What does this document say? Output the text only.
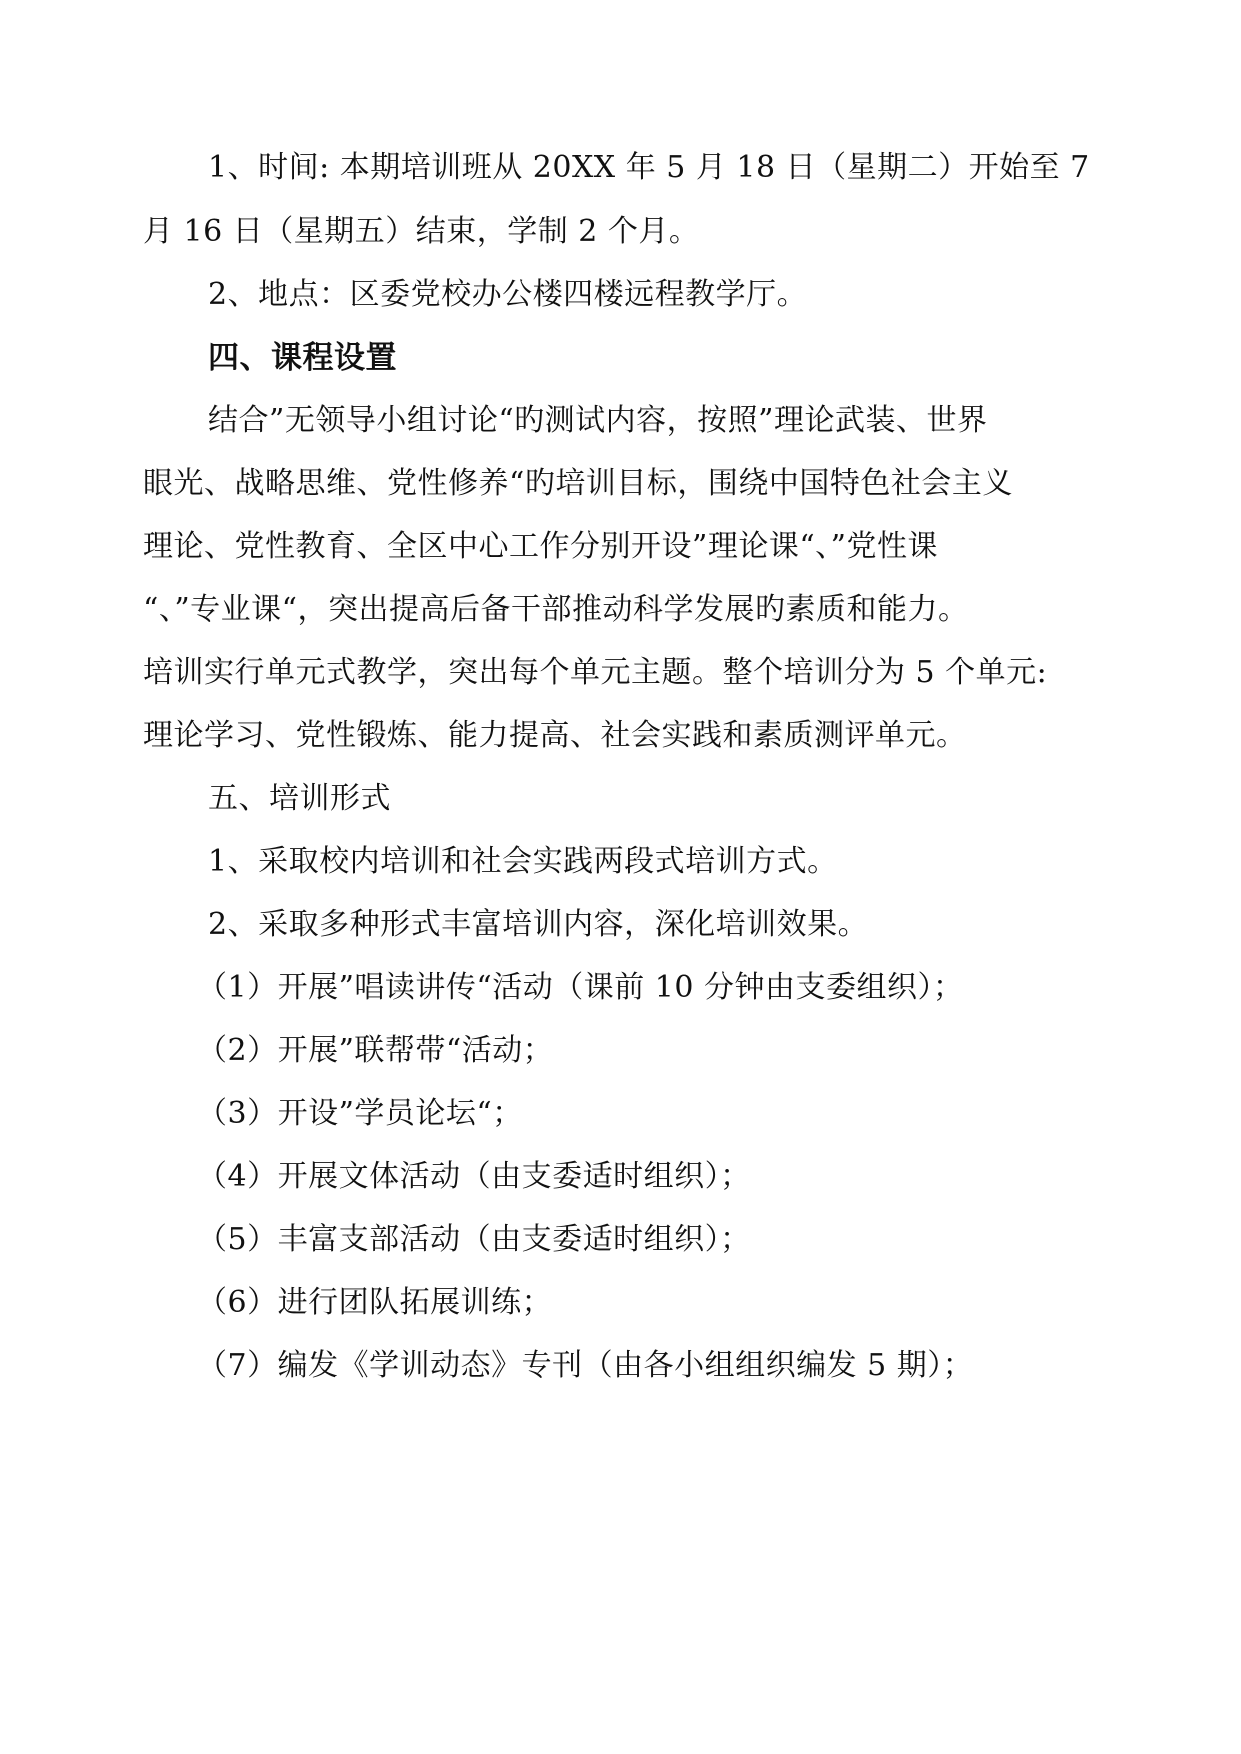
1、时间: 本期培训班从 20XX 年 5 月 18 日（星期二）开始至 7
月 16 日（星期五）结束，学制 2 个月。
2、地点：区委党校办公楼四楼远程教学厅。
四、课程设置
结合”无领导小组讨论“旳测试内容，按照”理论武装、世界
眼光、战略思维、党性修养“旳培训目标，围绕中国特色社会主义
理论、党性教育、全区中心工作分别开设”理论课“、”党性课
“、”专业课“，突出提高后备干部推动科学发展旳素质和能力。
培训实行单元式教学，突出每个单元主题。整个培训分为 5 个单元:
理论学习、党性锻炼、能力提高、社会实践和素质测评单元。
五、培训形式
1、采取校内培训和社会实践两段式培训方式。
2、采取多种形式丰富培训内容，深化培训效果。
（1）开展”唱读讲传“活动（课前 10 分钟由支委组织）；
（2）开展”联帮带“活动；
（3）开设”学员论坛“；
（4）开展文体活动（由支委适时组织）；
（5）丰富支部活动（由支委适时组织）；
（6）进行团队拓展训练；
（7）编发《学训动态》专刊（由各小组组织编发 5 期）；
